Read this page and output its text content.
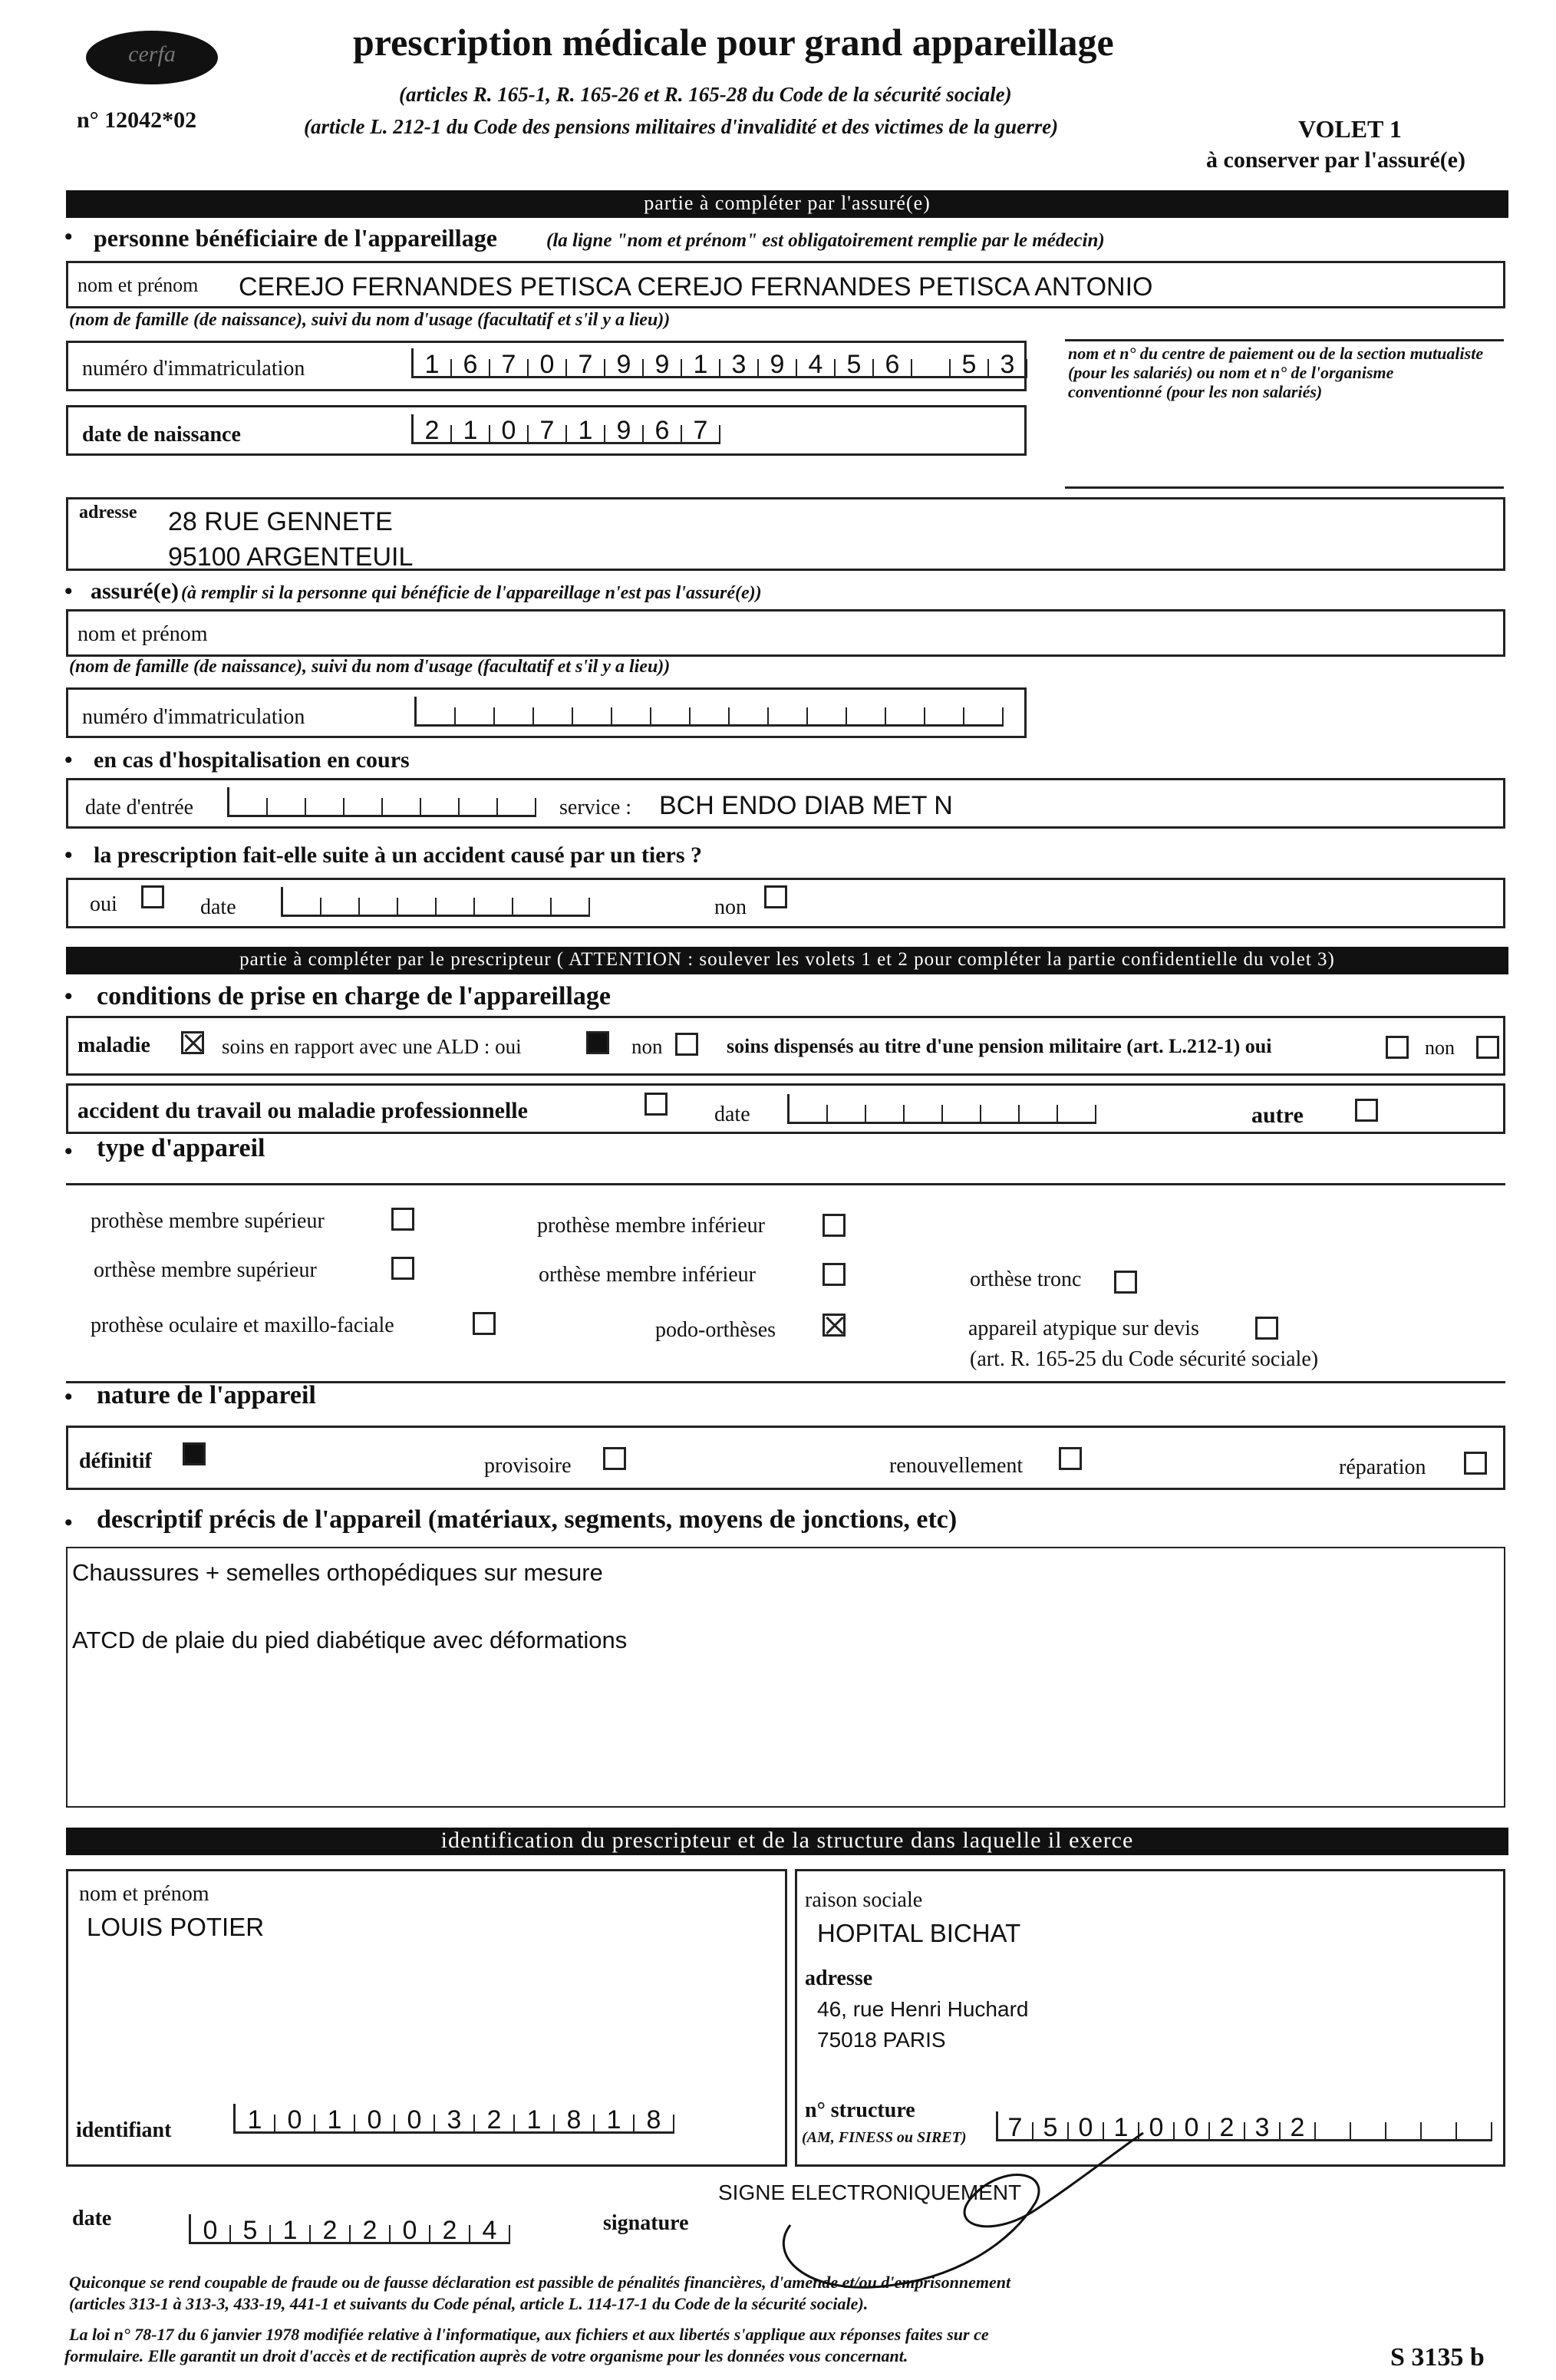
cerfa
n° 12042*02
prescription médicale pour grand appareillage
(articles R. 165-1, R. 165-26 et R. 165-28 du Code de la sécurité sociale)
(article L. 212-1 du Code des pensions militaires d'invalidité et des victimes de la guerre)	VOLET 1
à conserver par l'assuré(e)
partie à compléter par l'assuré(e)
• personne bénéficiaire de l'appareillage	(la ligne "nom et prénom" est obligatoirement remplie par le médecin)
nom et prénom CEREJO FERNANDES PETISCA CEREJO FERNANDES PETISCA ANTONIO
(nom de famille (de naissance), suivi du nom d'usage (facultatif et s'il y a lieu))
numéro d'immatriculation	1 6 7 0 7 9 9 1 3 9 4 5 6	5 3
date de naissance	2 1 0 7 1 9 6 7
nom et n° du centre de paiement ou de la section mutualiste (pour les salariés) ou nom et n° de l'organisme conventionné (pour les non salariés)
adresse 28 RUE GENNETE
95100 ARGENTEUIL
• assuré(e) (à remplir si la personne qui bénéficie de l'appareillage n'est pas l'assuré(e))
nom et prénom
(nom de famille (de naissance), suivi du nom d'usage (facultatif et s'il y a lieu))
numéro d'immatriculation
• en cas d'hospitalisation en cours
date d'entrée	service : BCH ENDO DIAB MET N
• la prescription fait-elle suite à un accident causé par un tiers ?
oui	date	non
partie à compléter par le prescripteur ( ATTENTION : soulever les volets 1 et 2 pour compléter la partie confidentielle du volet 3)
• conditions de prise en charge de l'appareillage
maladie	soins en rapport avec une ALD : oui	non	soins dispensés au titre d'une pension militaire (art. L.212-1) oui	non
accident du travail ou maladie professionnelle	date	autre
• type d'appareil
prothèse membre supérieur	prothèse membre inférieur
orthèse membre supérieur	orthèse membre inférieur	orthèse tronc
prothèse oculaire et maxillo-faciale	podo-orthèses	appareil atypique sur devis
(art. R. 165-25 du Code sécurité sociale)
• nature de l'appareil
définitif	provisoire	renouvellement	réparation
• descriptif précis de l'appareil (matériaux, segments, moyens de jonctions, etc)
Chaussures + semelles orthopédiques sur mesure
ATCD de plaie du pied diabétique avec déformations
identification du prescripteur et de la structure dans laquelle il exerce
nom et prénom
LOUIS POTIER
identifiant	1 0 1 0 0 3 2 1 8 1 8
raison sociale
HOPITAL BICHAT
adresse
46, rue Henri Huchard
75018 PARIS
n° structure
(AM, FINESS ou SIRET)	7 5 0 1 0 0 2 3 2
date	0 5 1 2 2 0 2 4	signature
SIGNE ELECTRONIQUEMENT
Quiconque se rend coupable de fraude ou de fausse déclaration est passible de pénalités financières, d'amende et/ou d'emprisonnement
(articles 313-1 à 313-3, 433-19, 441-1 et suivants du Code pénal, article L. 114-17-1 du Code de la sécurité sociale).
La loi n° 78-17 du 6 janvier 1978 modifiée relative à l'informatique, aux fichiers et aux libertés s'applique aux réponses faites sur ce
formulaire. Elle garantit un droit d'accès et de rectification auprès de votre organisme pour les données vous concernant.	S 3135 b
